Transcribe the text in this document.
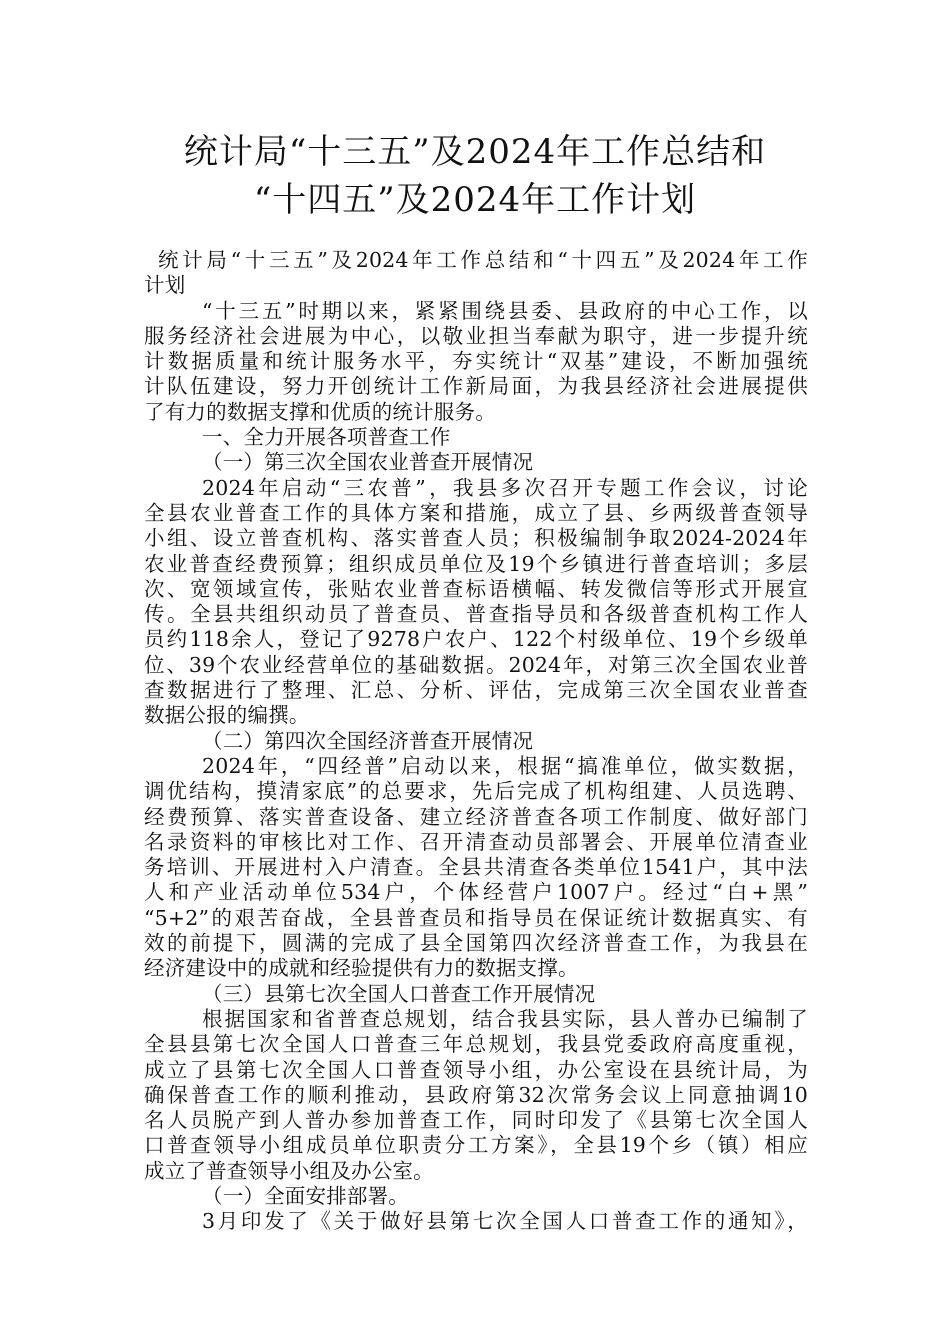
统计局“十三五”及2024年工作总结和
“十四五”及2024年工作计划
统计局“十三五”及2024年工作总结和“十四五”及2024年工作
计划
“十三五”时期以来，紧紧围绕县委、县政府的中心工作，以
服务经济社会进展为中心，以敬业担当奉献为职守，进一步提升统
计数据质量和统计服务水平，夯实统计“双基”建设，不断加强统
计队伍建设，努力开创统计工作新局面，为我县经济社会进展提供
了有力的数据支撑和优质的统计服务。
一、全力开展各项普查工作
（一）第三次全国农业普查开展情况
2024年启动“三农普”，我县多次召开专题工作会议，讨论
全县农业普查工作的具体方案和措施，成立了县、乡两级普查领导
小组、设立普查机构、落实普查人员；积极编制争取2024-2024年
农业普查经费预算；组织成员单位及19个乡镇进行普查培训；多层
次、宽领域宣传，张贴农业普查标语横幅、转发微信等形式开展宣
传。全县共组织动员了普查员、普查指导员和各级普查机构工作人
员约118余人，登记了9278户农户、122个村级单位、19个乡级单
位、39个农业经营单位的基础数据。2024年，对第三次全国农业普
查数据进行了整理、汇总、分析、评估，完成第三次全国农业普查
数据公报的编撰。
（二）第四次全国经济普查开展情况
2024年，“四经普”启动以来，根据“搞准单位，做实数据，
调优结构，摸清家底”的总要求，先后完成了机构组建、人员选聘、
经费预算、落实普查设备、建立经济普查各项工作制度、做好部门
名录资料的审核比对工作、召开清查动员部署会、开展单位清查业
务培训、开展进村入户清查。全县共清查各类单位1541户，其中法
人和产业活动单位534户，个体经营户1007户。经过“白+黑”
“5+2”的艰苦奋战，全县普查员和指导员在保证统计数据真实、有
效的前提下，圆满的完成了县全国第四次经济普查工作，为我县在
经济建设中的成就和经验提供有力的数据支撑。
（三）县第七次全国人口普查工作开展情况
根据国家和省普查总规划，结合我县实际，县人普办已编制了
全县县第七次全国人口普查三年总规划，我县党委政府高度重视，
成立了县第七次全国人口普查领导小组，办公室设在县统计局，为
确保普查工作的顺利推动，县政府第32次常务会议上同意抽调10
名人员脱产到人普办参加普查工作，同时印发了《县第七次全国人
口普查领导小组成员单位职责分工方案》，全县19个乡（镇）相应
成立了普查领导小组及办公室。
（一）全面安排部署。
3月印发了《关于做好县第七次全国人口普查工作的通知》，
